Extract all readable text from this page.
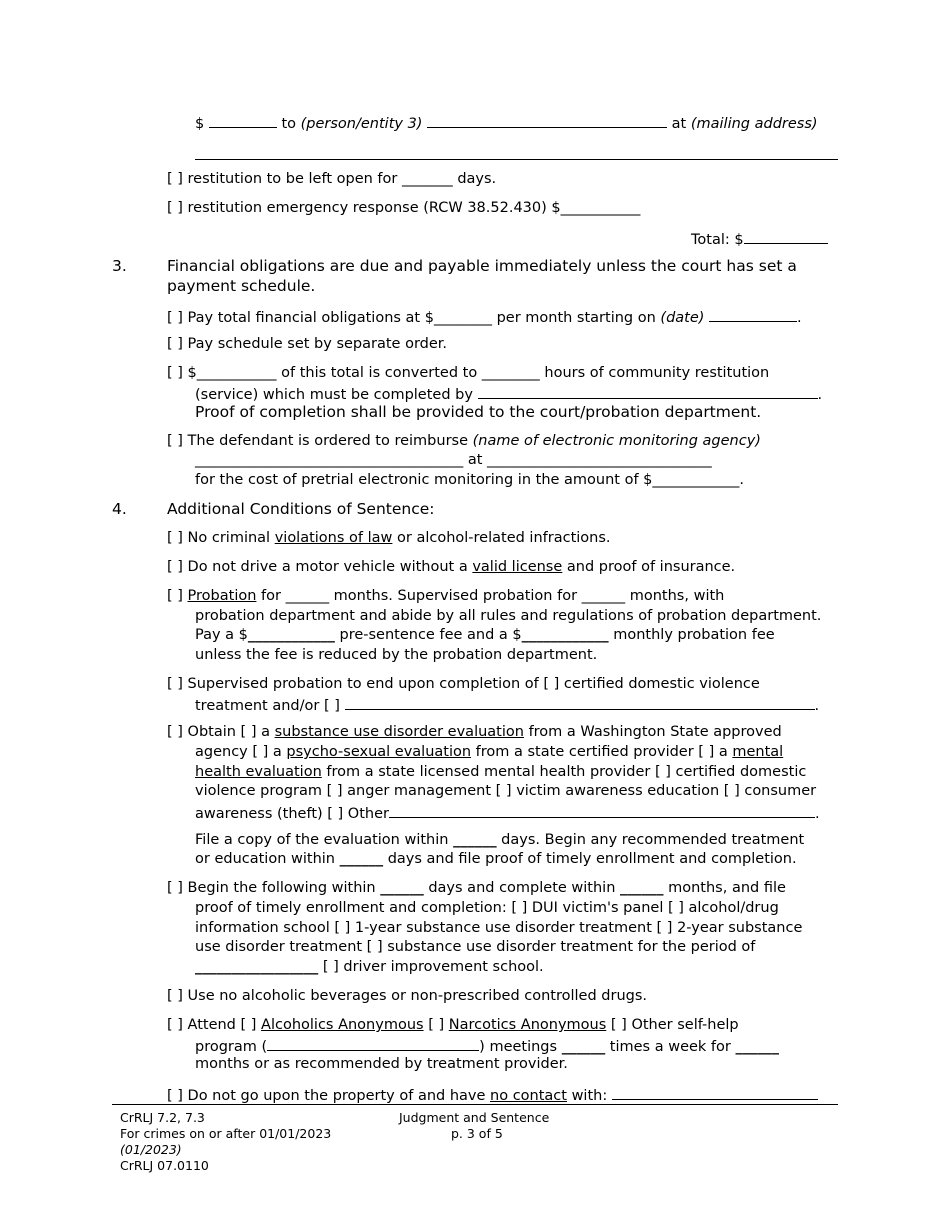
$	to (person/entity 3)	at (mailing address)
[ ] restitution to be left open for _______ days.
[ ] restitution emergency response (RCW 38.52.430) $___________
Total: $
3.	Financial obligations are due and payable immediately unless the court has set a
payment schedule.
[ ] Pay total financial obligations at $________ per month starting on (date)	.
[ ] Pay schedule set by separate order.
[ ] $___________ of this total is converted to ________ hours of community restitution
(service) which must be completed by	.
Proof of completion shall be provided to the court/probation department.
[ ] The defendant is ordered to reimburse (name of electronic monitoring agency)
_____________________________________ at _______________________________
for the cost of pretrial electronic monitoring in the amount of $____________.
4.	Additional Conditions of Sentence:
[ ] No criminal violations of law or alcohol-related infractions.
[ ] Do not drive a motor vehicle without a valid license and proof of insurance.
[ ] Probation for ______ months. Supervised probation for ______ months, with
probation department and abide by all rules and regulations of probation department.
Pay a $____________ pre-sentence fee and a $____________ monthly probation fee
unless the fee is reduced by the probation department.
[ ] Supervised probation to end upon completion of [ ] certified domestic violence
treatment and/or [ ]	.
[ ] Obtain [ ] a substance use disorder evaluation from a Washington State approved
agency [ ] a psycho-sexual evaluation from a state certified provider [ ] a mental
health evaluation from a state licensed mental health provider [ ] certified domestic
violence program [ ] anger management [ ] victim awareness education [ ] consumer
awareness (theft) [ ] Other	.
File a copy of the evaluation within ______ days. Begin any recommended treatment
or education within ______ days and file proof of timely enrollment and completion.
[ ] Begin the following within ______ days and complete within ______ months, and file
proof of timely enrollment and completion: [ ] DUI victim's panel [ ] alcohol/drug
information school [ ] 1-year substance use disorder treatment [ ] 2-year substance
use disorder treatment [ ] substance use disorder treatment for the period of
_________________ [ ] driver improvement school.
[ ] Use no alcoholic beverages or non-prescribed controlled drugs.
[ ] Attend [ ] Alcoholics Anonymous [ ] Narcotics Anonymous [ ] Other self-help
program (	) meetings ______ times a week for ______
months or as recommended by treatment provider.
[ ] Do not go upon the property of and have no contact with:
CrRLJ 7.2, 7.3
For crimes on or after 01/01/2023
(01/2023)
CrRLJ 07.0110
Judgment and Sentence
p. 3 of 5
